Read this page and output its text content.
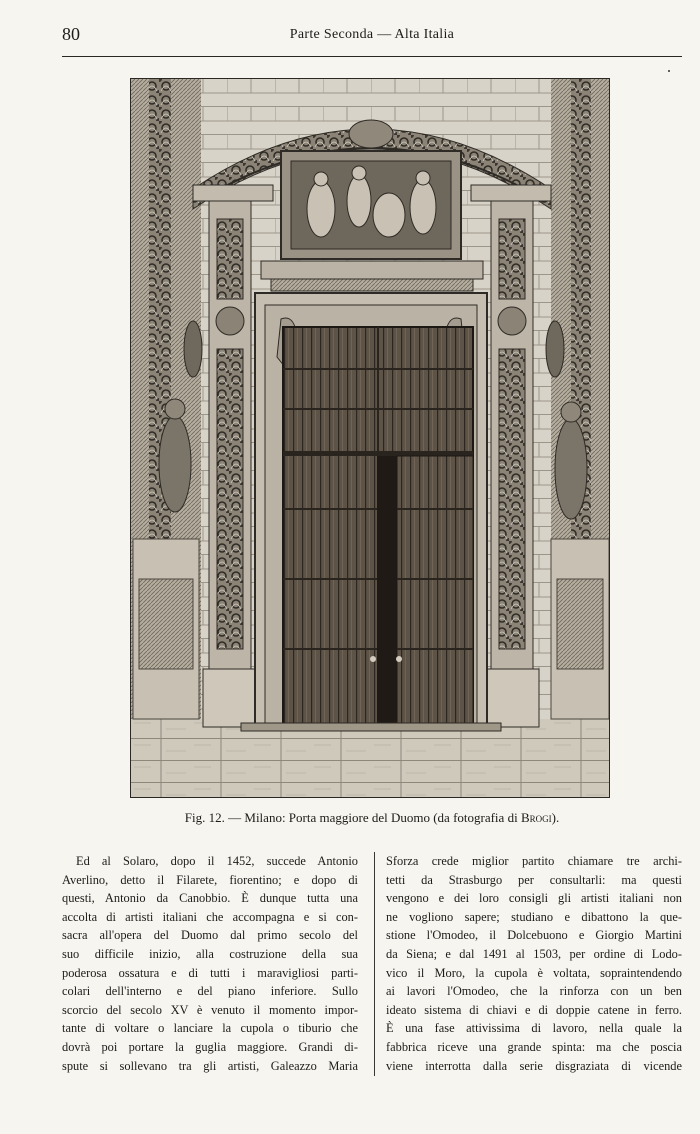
80	Parte Seconda — Alta Italia
Fig. 12. — Milano: Porta maggiore del Duomo (da fotografia di Brogi).
Ed al Solaro, dopo il 1452, succede Antonio
Averlino, detto il Filarete, fiorentino; e dopo di
questi, Antonio da Canobbio. È dunque tutta una
accolta di artisti italiani che accompagna e si con-
sacra all'opera del Duomo dal primo secolo del
suo difficile inizio, alla costruzione della sua
poderosa ossatura e di tutti i maravigliosi parti-
colari dell'interno e del piano inferiore. Sullo
scorcio del secolo XV è venuto il momento impor-
tante di voltare o lanciare la cupola o tiburio che
dovrà poi portare la guglia maggiore. Grandi di-
spute si sollevano tra gli artisti, Galeazzo Maria
Sforza crede miglior partito chiamare tre archi-
tetti da Strasburgo per consultarli: ma questi
vengono e dei loro consigli gli artisti italiani non
ne vogliono sapere; studiano e dibattono la que-
stione l'Omodeo, il Dolcebuono e Giorgio Martini
da Siena; e dal 1491 al 1503, per ordine di Lodo-
vico il Moro, la cupola è voltata, sopraintendendo
ai lavori l'Omodeo, che la rinforza con un ben
ideato sistema di chiavi e di doppie catene in ferro.
È una fase attivissima di lavoro, nella quale la
fabbrica riceve una grande spinta: ma che poscia
viene interrotta dalla serie disgraziata di vicende
